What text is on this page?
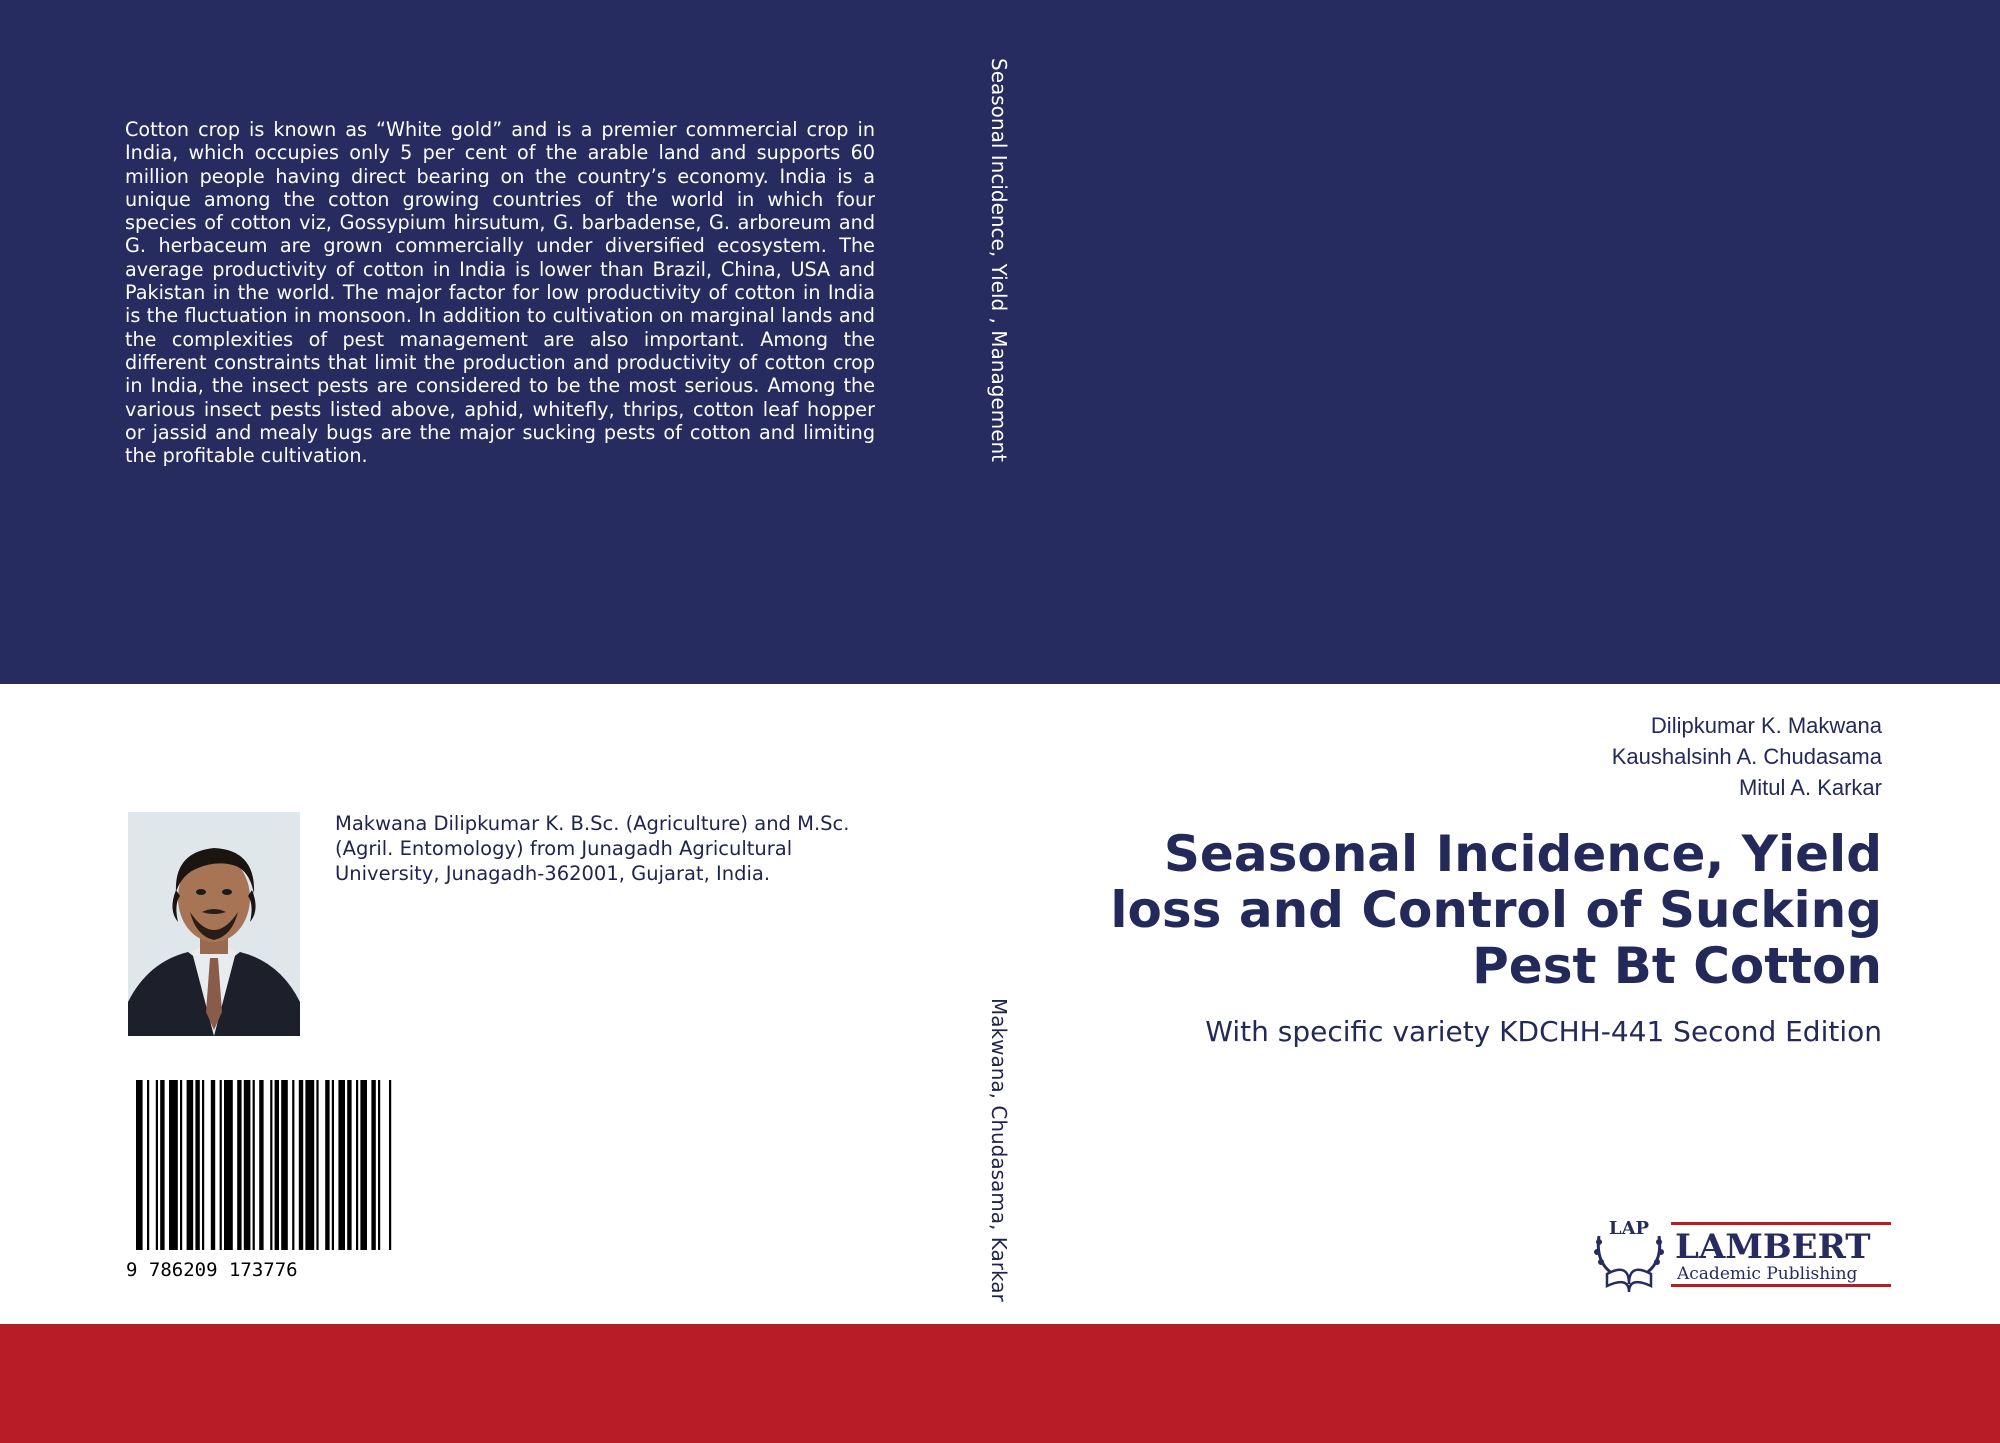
Cotton crop is known as “White gold” and is a premier commercial crop in India, which occupies only 5 per cent of the arable land and supports 60 million people having direct bearing on the country’s economy. India is a unique among the cotton growing countries of the world in which four species of cotton viz, Gossypium hirsutum, G. barbadense, G. arboreum and G. herbaceum are grown commercially under diversified ecosystem. The average productivity of cotton in India is lower than Brazil, China, USA and Pakistan in the world. The major factor for low productivity of cotton in India is the fluctuation in monsoon. In addition to cultivation on marginal lands and the complexities of pest management are also important. Among the different constraints that limit the production and productivity of cotton crop in India, the insect pests are considered to be the most serious. Among the various insect pests listed above, aphid, whitefly, thrips, cotton leaf hopper or jassid and mealy bugs are the major sucking pests of cotton and limiting the profitable cultivation.	Seasonal Incidence, Yield , Management
Makwana, Chudasama, Karkar
Dilipkumar K. Makwana
Kaushalsinh A. Chudasama
Mitul A. Karkar
Seasonal Incidence, Yield
loss and Control of Sucking
Pest Bt Cotton
With specific variety KDCHH-441 Second Edition

Makwana Dilipkumar K. B.Sc. (Agriculture) and M.Sc.(Agril. Entomology) from Junagadh Agricultural University, Junagadh-362001, Gujarat, India.

9 786209 173776
LAP LAMBERT
Academic Publishing
